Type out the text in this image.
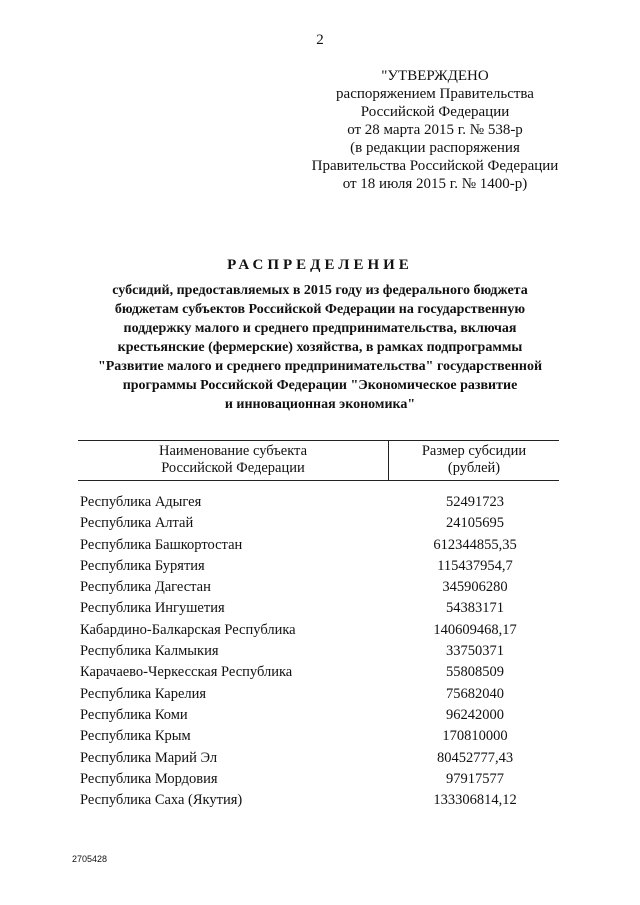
2
"УТВЕРЖДЕНО
распоряжением Правительства
Российской Федерации
от 28 марта 2015 г. № 538-р
(в редакции распоряжения
Правительства Российской Федерации
от 18 июля 2015 г. № 1400-р)
РАСПРЕДЕЛЕНИЕ
субсидий, предоставляемых в 2015 году из федерального бюджета
бюджетам субъектов Российской Федерации на государственную
поддержку малого и среднего предпринимательства, включая
крестьянские (фермерские) хозяйства, в рамках подпрограммы
"Развитие малого и среднего предпринимательства" государственной
программы Российской Федерации "Экономическое развитие
и инновационная экономика"
Наименование субъекта
Российской Федерации
Размер субсидии
(рублей)
Республика Адыгея	52491723
Республика Алтай	24105695
Республика Башкортостан	612344855,35
Республика Бурятия	115437954,7
Республика Дагестан	345906280
Республика Ингушетия	54383171
Кабардино-Балкарская Республика	140609468,17
Республика Калмыкия	33750371
Карачаево-Черкесская Республика	55808509
Республика Карелия	75682040
Республика Коми	96242000
Республика Крым	170810000
Республика Марий Эл	80452777,43
Республика Мордовия	97917577
Республика Саха (Якутия)	133306814,12
2705428
